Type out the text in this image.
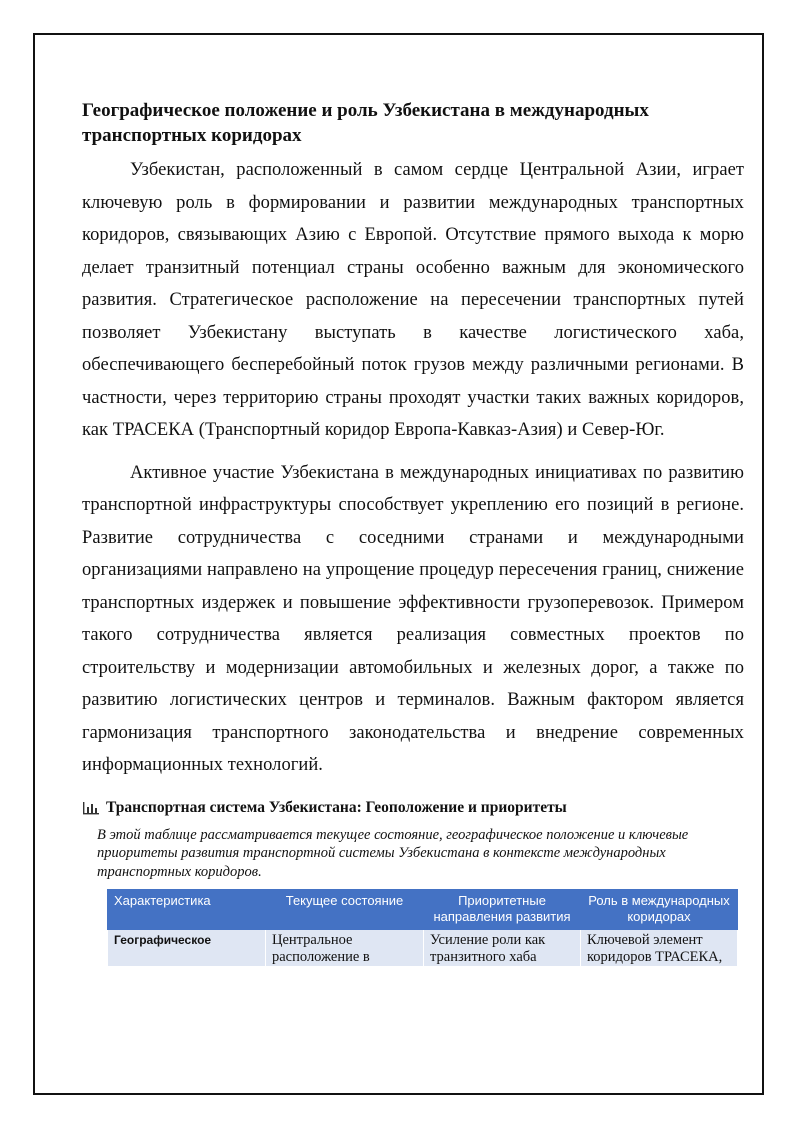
Географическое положение и роль Узбекистана в международных транспортных коридорах

Узбекистан, расположенный в самом сердце Центральной Азии, играет ключевую роль в формировании и развитии международных транспортных коридоров, связывающих Азию с Европой. Отсутствие прямого выхода к морю делает транзитный потенциал страны особенно важным для экономического развития. Стратегическое расположение на пересечении транспортных путей позволяет Узбекистану выступать в качестве логистического хаба, обеспечивающего бесперебойный поток грузов между различными регионами. В частности, через территорию страны проходят участки таких важных коридоров, как ТРАСЕКА (Транспортный коридор Европа-Кавказ-Азия) и Север-Юг.

Активное участие Узбекистана в международных инициативах по развитию транспортной инфраструктуры способствует укреплению его позиций в регионе. Развитие сотрудничества с соседними странами и международными организациями направлено на упрощение процедур пересечения границ, снижение транспортных издержек и повышение эффективности грузоперевозок. Примером такого сотрудничества является реализация совместных проектов по строительству и модернизации автомобильных и железных дорог, а также по развитию логистических центров и терминалов. Важным фактором является гармонизация транспортного законодательства и внедрение современных информационных технологий.

Транспортная система Узбекистана: Геоположение и приоритеты
В этой таблице рассматривается текущее состояние, географическое положение и ключевые приоритеты развития транспортной системы Узбекистана в контексте международных транспортных коридоров.
Характеристика	Текущее состояние	Приоритетные направления развития	Роль в международных коридорах
Географическое	Центральное расположение в	Усиление роли как транзитного хаба	Ключевой элемент коридоров ТРАСЕКА,
